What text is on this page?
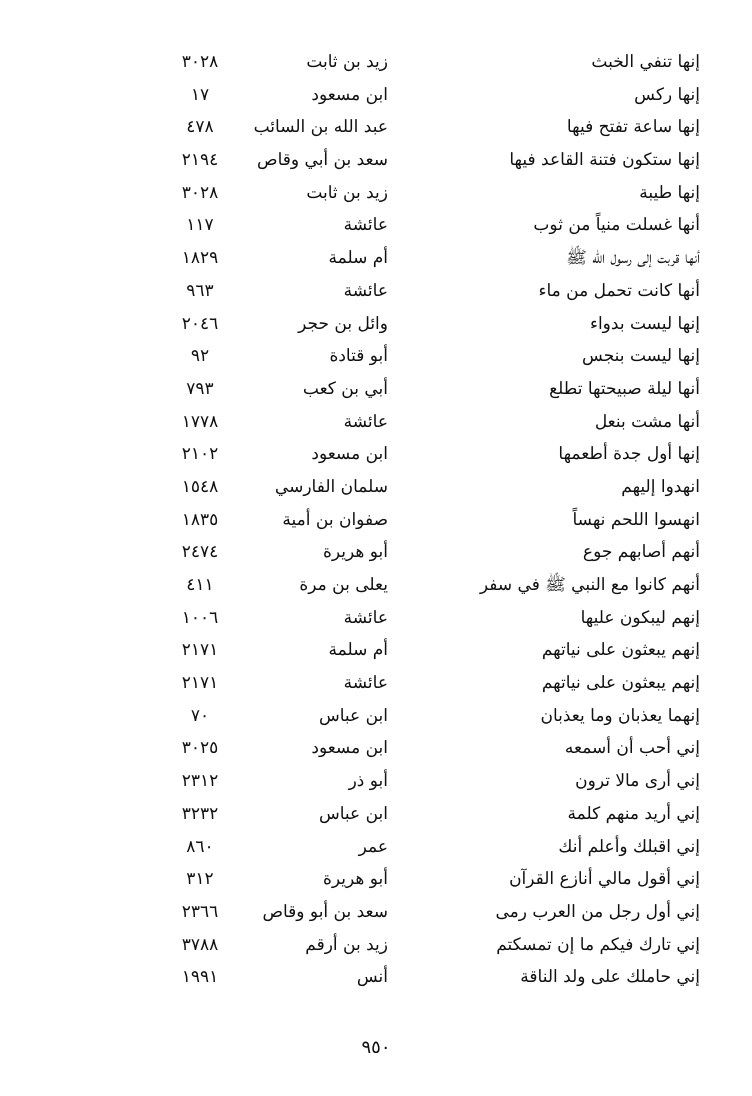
إنها تنفي الخبث
زيد بن ثابت
٣٠٢٨
إنها ركس
ابن مسعود
١٧
إنها ساعة تفتح فيها
عبد الله بن السائب
٤٧٨
إنها ستكون فتنة القاعد فيها
سعد بن أبي وقاص
٢١٩٤
إنها طيبة
زيد بن ثابت
٣٠٢٨
أنها غسلت منياً من ثوب
عائشة
١١٧
أنها قربت إلى رسول الله ﷺ
أم سلمة
١٨٢٩
أنها كانت تحمل من ماء
عائشة
٩٦٣
إنها ليست بدواء
وائل بن حجر
٢٠٤٦
إنها ليست بنجس
أبو قتادة
٩٢
أنها ليلة صبيحتها تطلع
أبي بن كعب
٧٩٣
أنها مشت بنعل
عائشة
١٧٧٨
إنها أول جدة أطعمها
ابن مسعود
٢١٠٢
انهدوا إليهم
سلمان الفارسي
١٥٤٨
انهسوا اللحم نهساً
صفوان بن أمية
١٨٣٥
أنهم أصابهم جوع
أبو هريرة
٢٤٧٤
أنهم كانوا مع النبي ﷺ في سفر
يعلى بن مرة
٤١١
إنهم ليبكون عليها
عائشة
١٠٠٦
إنهم يبعثون على نياتهم
أم سلمة
٢١٧١
إنهم يبعثون على نياتهم
عائشة
٢١٧١
إنهما يعذبان وما يعذبان
ابن عباس
٧٠
إني أحب أن أسمعه
ابن مسعود
٣٠٢٥
إني أرى مالا ترون
أبو ذر
٢٣١٢
إني أريد منهم كلمة
ابن عباس
٣٢٣٢
إني اقبلك وأعلم أنك
عمر
٨٦٠
إني أقول مالي أنازع القرآن
أبو هريرة
٣١٢
إني أول رجل من العرب رمى
سعد بن أبو وقاص
٢٣٦٦
إني تارك فيكم ما إن تمسكتم
زيد بن أرقم
٣٧٨٨
إني حاملك على ولد الناقة
أنس
١٩٩١
٩٥٠
